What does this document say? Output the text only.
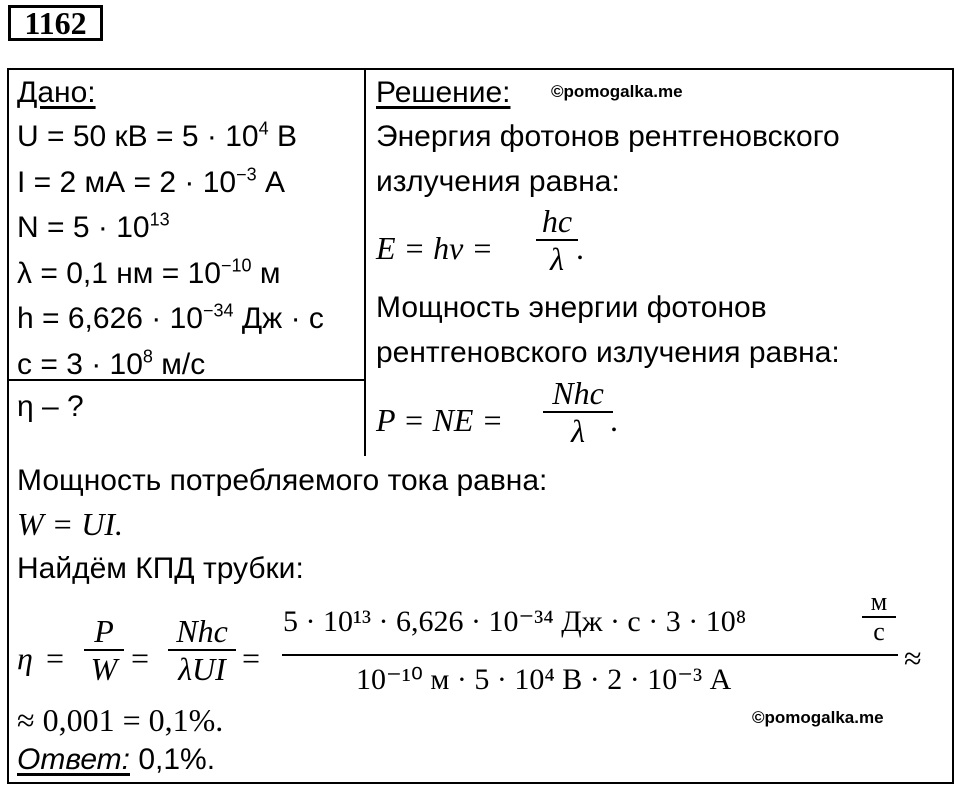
1162
Дано:
U = 50 кВ = $5 \cdot 10^4$ В
I = 2 мА = $2 \cdot 10^{-3}$ А
$N = 5 \cdot 10^{13}$
λ = 0,1 нм = $10^{-10}$ м
$h = 6,626 \cdot 10^{-34}$ Дж · с
$c = 3 \cdot 10^8$ м/с
η – ?
Решение: ©pomogalka.me
Энергия фотонов рентгеновского
излучения равна:
E = hν =
hc
λ .
Мощность энергии фотонов
рентгеновского излучения равна:
P = NE =
Nhc
λ .
Мощность потребляемого тока равна:
W = UI.
Найдём КПД трубки:
η =
P
W =
Nhc
λUI =
5 · 10¹³ · 6,626 · 10⁻³⁴ Дж · с · 3 · 10⁸
м
с
10⁻¹⁰ м · 5 · 10⁴ В · 2 · 10⁻³ А
≈
≈ 0,001 = 0,1%.	©pomogalka.me
Ответ: 0,1%.
